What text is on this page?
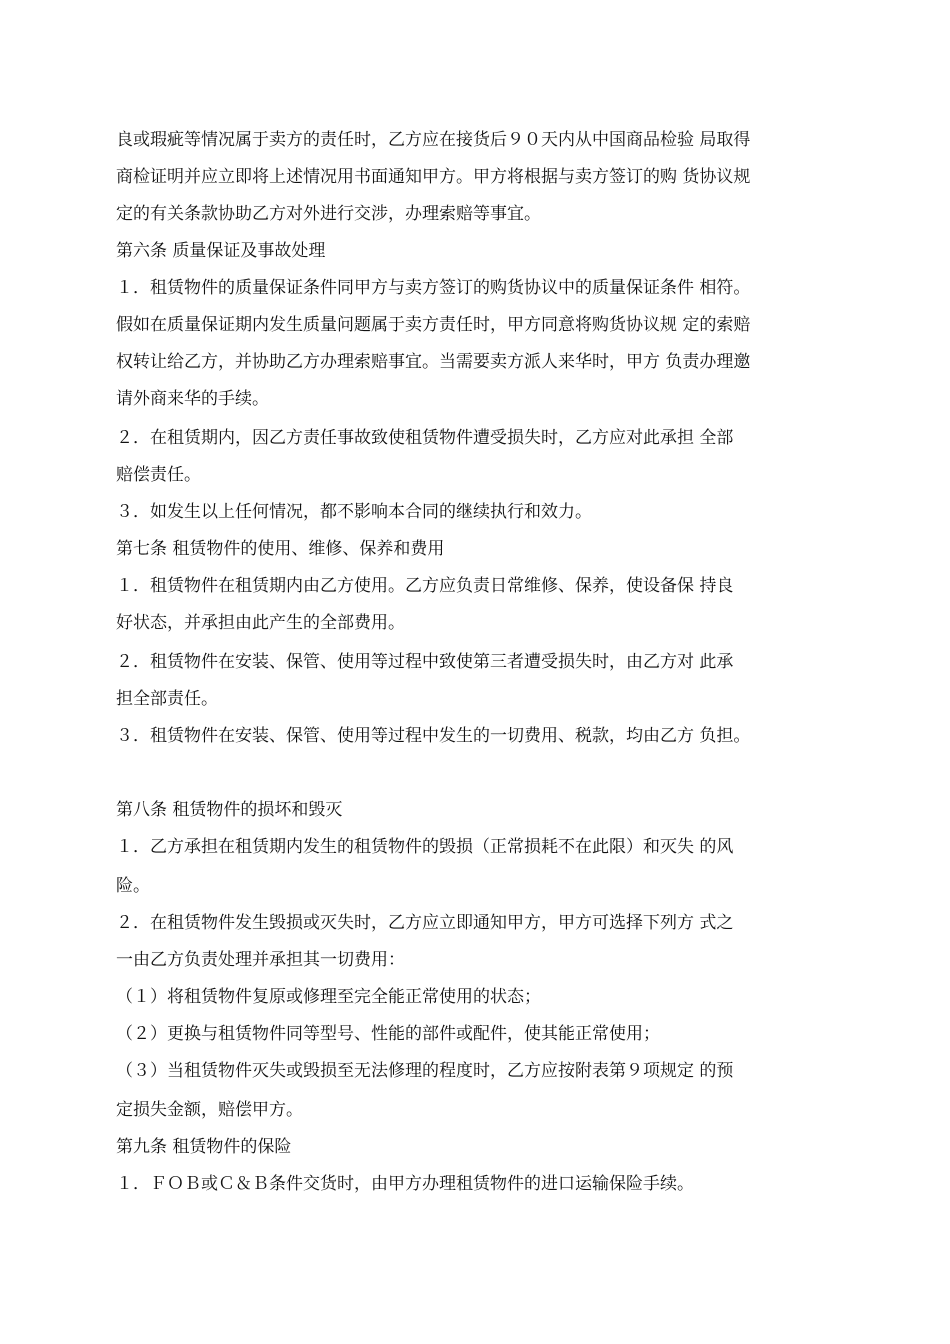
良或瑕疵等情况属于卖方的责任时，乙方应在接货后９０天内从中国商品检验 局取得
商检证明并应立即将上述情况用书面通知甲方。甲方将根据与卖方签订的购 货协议规
定的有关条款协助乙方对外进行交涉，办理索赔等事宜。
第六条 质量保证及事故处理
１．租赁物件的质量保证条件同甲方与卖方签订的购货协议中的质量保证条件 相符。
假如在质量保证期内发生质量问题属于卖方责任时，甲方同意将购货协议规 定的索赔
权转让给乙方，并协助乙方办理索赔事宜。当需要卖方派人来华时，甲方 负责办理邀
请外商来华的手续。
２．在租赁期内，因乙方责任事故致使租赁物件遭受损失时，乙方应对此承担 全部
赔偿责任。
３．如发生以上任何情况，都不影响本合同的继续执行和效力。
第七条 租赁物件的使用、维修、保养和费用
１．租赁物件在租赁期内由乙方使用。乙方应负责日常维修、保养，使设备保 持良
好状态，并承担由此产生的全部费用。
２．租赁物件在安装、保管、使用等过程中致使第三者遭受损失时，由乙方对 此承
担全部责任。
３．租赁物件在安装、保管、使用等过程中发生的一切费用、税款，均由乙方 负担。
第八条 租赁物件的损坏和毁灭
１．乙方承担在租赁期内发生的租赁物件的毁损（正常损耗不在此限）和灭失 的风
险。
２．在租赁物件发生毁损或灭失时，乙方应立即通知甲方，甲方可选择下列方 式之
一由乙方负责处理并承担其一切费用：
（１）将租赁物件复原或修理至完全能正常使用的状态；
（２）更换与租赁物件同等型号、性能的部件或配件，使其能正常使用；
（３）当租赁物件灭失或毁损至无法修理的程度时，乙方应按附表第９项规定 的预
定损失金额，赔偿甲方。
第九条 租赁物件的保险
１．ＦＯＢ或Ｃ＆Ｂ条件交货时，由甲方办理租赁物件的进口运输保险手续。
